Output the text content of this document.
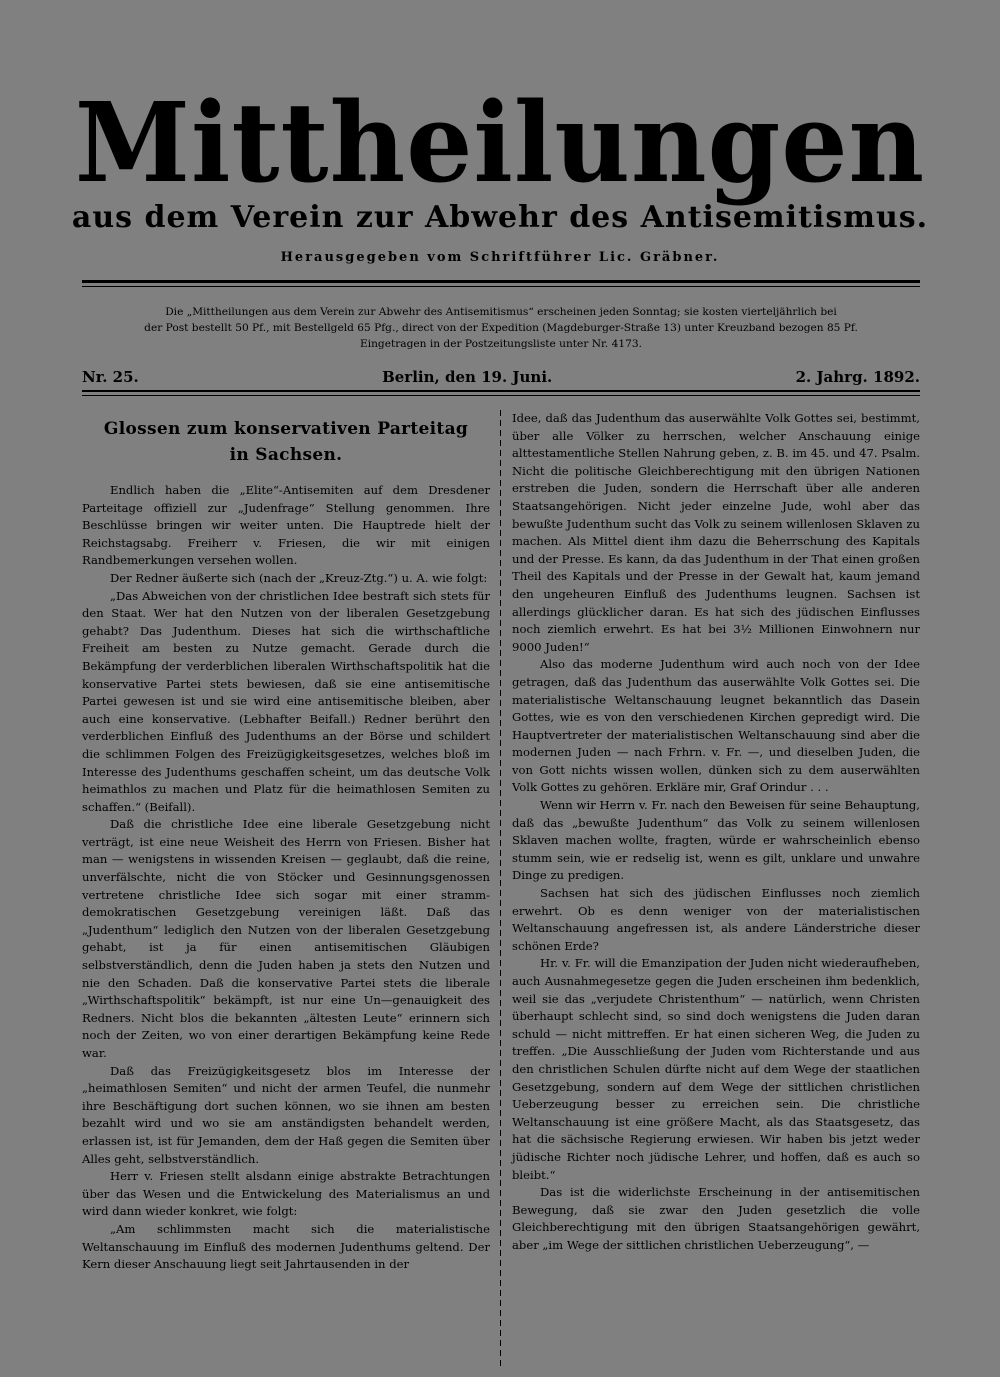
Mittheilungen
aus dem Verein zur Abwehr des Antisemitismus.
Herausgegeben vom Schriftführer Lic. Gräbner.
Die „Mittheilungen aus dem Verein zur Abwehr des Antisemitismus“ erscheinen jeden Sonntag; sie kosten vierteljährlich bei
der Post bestellt 50 Pf., mit Bestellgeld 65 Pfg., direct von der Expedition (Magdeburger-Straße 13) unter Kreuzband bezogen 85 Pf.
Eingetragen in der Postzeitungsliste unter Nr. 4173.
Nr. 25.	Berlin, den 19. Juni.	2. Jahrg. 1892.
Glossen zum konservativen Parteitag in Sachsen.

Endlich haben die „Elite“-Antisemiten auf dem Dresdener Parteitage offiziell zur „Judenfrage“ Stellung genommen. Ihre Beschlüsse bringen wir weiter unten. Die Hauptrede hielt der Reichstagsabg. Freiherr v. Friesen, die wir mit einigen Randbemerkungen versehen wollen.

Der Redner äußerte sich (nach der „Kreuz-Ztg.“) u. A. wie folgt:

„Das Abweichen von der christlichen Idee bestraft sich stets für den Staat. Wer hat den Nutzen von der liberalen Gesetzgebung gehabt? Das Judenthum. Dieses hat sich die wirthschaftliche Freiheit am besten zu Nutze gemacht. Gerade durch die Bekämpfung der verderblichen liberalen Wirthschaftspolitik hat die konservative Partei stets bewiesen, daß sie eine antisemitische Partei gewesen ist und sie wird eine antisemitische bleiben, aber auch eine konservative. (Lebhafter Beifall.) Redner berührt den verderblichen Einfluß des Judenthums an der Börse und schildert die schlimmen Folgen des Freizügigkeitsgesetzes, welches bloß im Interesse des Judenthums geschaffen scheint, um das deutsche Volk heimathlos zu machen und Platz für die heimathlosen Semiten zu schaffen.“ (Beifall).

Daß die christliche Idee eine liberale Gesetzgebung nicht verträgt, ist eine neue Weisheit des Herrn von Friesen. Bisher hat man — wenigstens in wissenden Kreisen — geglaubt, daß die reine, unverfälschte, nicht die von Stöcker und Gesinnungsgenossen vertretene christliche Idee sich sogar mit einer stramm-demokratischen Gesetzgebung vereinigen läßt. Daß das „Judenthum“ lediglich den Nutzen von der liberalen Gesetzgebung gehabt, ist ja für einen antisemitischen Gläubigen selbstverständlich, denn die Juden haben ja stets den Nutzen und nie den Schaden. Daß die konservative Partei stets die liberale „Wirthschaftspolitik“ bekämpft, ist nur eine Un—genauigkeit des Redners. Nicht blos die bekannten „ältesten Leute“ erinnern sich noch der Zeiten, wo von einer derartigen Bekämpfung keine Rede war.

Daß das Freizügigkeitsgesetz blos im Interesse der „heimathlosen Semiten“ und nicht der armen Teufel, die nunmehr ihre Beschäftigung dort suchen können, wo sie ihnen am besten bezahlt wird und wo sie am anständigsten behandelt werden, erlassen ist, ist für Jemanden, dem der Haß gegen die Semiten über Alles geht, selbstverständlich.

Herr v. Friesen stellt alsdann einige abstrakte Betrachtungen über das Wesen und die Entwickelung des Materialismus an und wird dann wieder konkret, wie folgt:

„Am schlimmsten macht sich die materialistische Weltanschauung im Einfluß des modernen Judenthums geltend. Der Kern dieser Anschauung liegt seit Jahrtausenden in der

Idee, daß das Judenthum das auserwählte Volk Gottes sei, bestimmt, über alle Völker zu herrschen, welcher Anschauung einige alttestamentliche Stellen Nahrung geben, z. B. im 45. und 47. Psalm. Nicht die politische Gleichberechtigung mit den übrigen Nationen erstreben die Juden, sondern die Herrschaft über alle anderen Staatsangehörigen. Nicht jeder einzelne Jude, wohl aber das bewußte Judenthum sucht das Volk zu seinem willenlosen Sklaven zu machen. Als Mittel dient ihm dazu die Beherrschung des Kapitals und der Presse. Es kann, da das Judenthum in der That einen großen Theil des Kapitals und der Presse in der Gewalt hat, kaum jemand den ungeheuren Einfluß des Judenthums leugnen. Sachsen ist allerdings glücklicher daran. Es hat sich des jüdischen Einflusses noch ziemlich erwehrt. Es hat bei 3½ Millionen Einwohnern nur 9000 Juden!“

Also das moderne Judenthum wird auch noch von der Idee getragen, daß das Judenthum das auserwählte Volk Gottes sei. Die materialistische Weltanschauung leugnet bekanntlich das Dasein Gottes, wie es von den verschiedenen Kirchen gepredigt wird. Die Hauptvertreter der materialistischen Weltanschauung sind aber die modernen Juden — nach Frhrn. v. Fr. —, und dieselben Juden, die von Gott nichts wissen wollen, dünken sich zu dem auserwählten Volk Gottes zu gehören. Erkläre mir, Graf Orindur . . .

Wenn wir Herrn v. Fr. nach den Beweisen für seine Behauptung, daß das „bewußte Judenthum“ das Volk zu seinem willenlosen Sklaven machen wollte, fragten, würde er wahrscheinlich ebenso stumm sein, wie er redselig ist, wenn es gilt, unklare und unwahre Dinge zu predigen.

Sachsen hat sich des jüdischen Einflusses noch ziemlich erwehrt. Ob es denn weniger von der materialistischen Weltanschauung angefressen ist, als andere Länderstriche dieser schönen Erde?

Hr. v. Fr. will die Emanzipation der Juden nicht wiederaufheben, auch Ausnahmegesetze gegen die Juden erscheinen ihm bedenklich, weil sie das „verjudete Christenthum“ — natürlich, wenn Christen überhaupt schlecht sind, so sind doch wenigstens die Juden daran schuld — nicht mittreffen. Er hat einen sicheren Weg, die Juden zu treffen. „Die Ausschließung der Juden vom Richterstande und aus den christlichen Schulen dürfte nicht auf dem Wege der staatlichen Gesetzgebung, sondern auf dem Wege der sittlichen christlichen Ueberzeugung besser zu erreichen sein. Die christliche Weltanschauung ist eine größere Macht, als das Staatsgesetz, das hat die sächsische Regierung erwiesen. Wir haben bis jetzt weder jüdische Richter noch jüdische Lehrer, und hoffen, daß es auch so bleibt.“

Das ist die widerlichste Erscheinung in der antisemitischen Bewegung, daß sie zwar den Juden gesetzlich die volle Gleichberechtigung mit den übrigen Staatsangehörigen gewährt, aber „im Wege der sittlichen christlichen Ueberzeugung“, —
